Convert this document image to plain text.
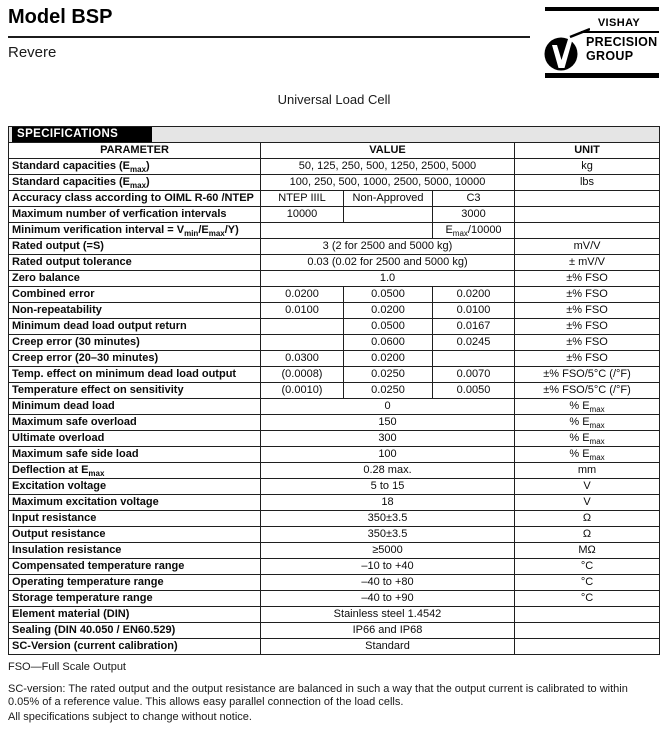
Model BSP
Revere
VISHAY
PRECISION
GROUP
Universal Load Cell
SPECIFICATIONS				

PARAMETER	VALUE			UNIT
Standard capacities $(E_{max})$	50, 125, 250, 500, 1250, 2500, 5000			kg
Standard capacities $(E_{max})$	100, 250, 500, 1000, 2500, 5000, 10000			lbs
Accuracy class according to OIML R-60 /NTEP	NTEP IIIL	Non-Approved	C3	
Maximum number of verfication intervals	10000		3000	
Minimum verification interval = $V_{min}/E_{max}/Y$)			$E_{max}/10000$	
Rated output (=S)	3 (2 for 2500 and 5000 kg)			mV/V
Rated output tolerance	0.03 (0.02 for 2500 and 5000 kg)			± mV/V
Zero balance	1.0			±% FSO
Combined error	0.0200	0.0500	0.0200	±% FSO
Non-repeatability	0.0100	0.0200	0.0100	±% FSO
Minimum dead load output return		0.0500	0.0167	±% FSO
Creep error (30 minutes)		0.0600	0.0245	±% FSO
Creep error (20–30 minutes)	0.0300	0.0200		±% FSO
Temp. effect on minimum dead load output	(0.0008)	0.0250	0.0070	±% FSO/5°C (/°F)
Temperature effect on sensitivity	(0.0010)	0.0250	0.0050	±% FSO/5°C (/°F)
Minimum dead load	0			% $E_{max}$
Maximum safe overload	150			% $E_{max}$
Ultimate overload	300			% $E_{max}$
Maximum safe side load	100			% $E_{max}$
Deflection at $E_{max}$	0.28 max.			mm
Excitation voltage	5 to 15			V
Maximum excitation voltage	18			V
Input resistance	350±3.5			Ω
Output resistance	350±3.5			Ω
Insulation resistance	≥5000			MΩ
Compensated temperature range	–10 to +40			°C
Operating temperature range	–40 to +80			°C
Storage temperature range	–40 to +90			°C
Element material (DIN)	Stainless steel 1.4542			
Sealing (DIN 40.050 / EN60.529)	IP66 and IP68			
SC-Version (current calibration)	Standard			
FSO—Full Scale Output
SC-version: The rated output and the output resistance are balanced in such a way that the output current is calibrated to within 0.05% of a reference value. This allows easy parallel connection of the load cells.
All specifications subject to change without notice.
